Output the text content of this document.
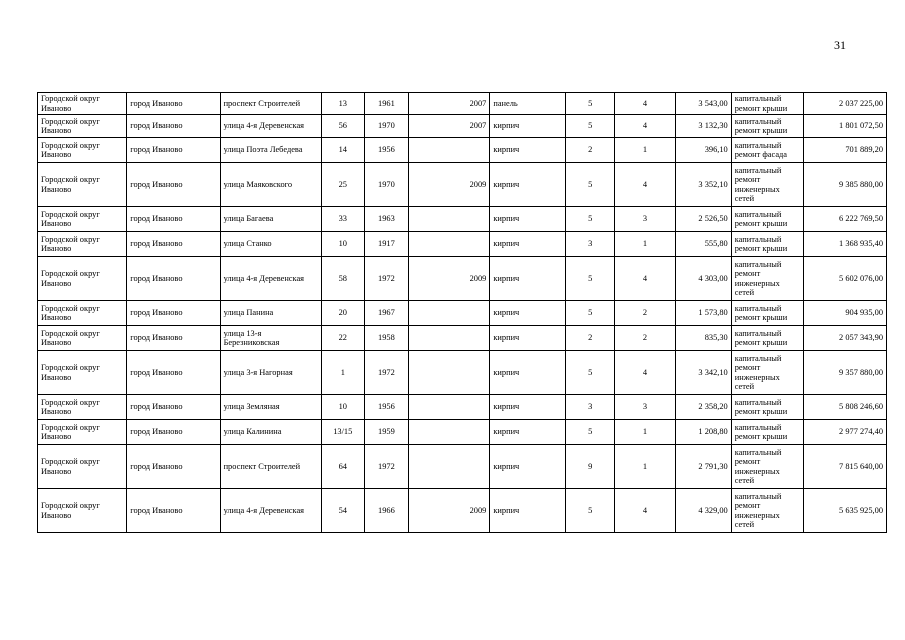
31
Городской округ Иваново	город Иваново	проспект Строителей	13	1961	2007	панель	5	4	3 543,00	капитальный ремонт крыши	2 037 225,00
Городской округ Иваново	город Иваново	улица 4-я Деревенская	56	1970	2007	кирпич	5	4	3 132,30	капитальный ремонт крыши	1 801 072,50
Городской округ Иваново	город Иваново	улица Поэта Лебедева	14	1956		кирпич	2	1	396,10	капитальный ремонт фасада	701 889,20
Городской округ Иваново	город Иваново	улица Маяковского	25	1970	2009	кирпич	5	4	3 352,10	капитальный ремонт инженерных сетей	9 385 880,00
Городской округ Иваново	город Иваново	улица Багаева	33	1963		кирпич	5	3	2 526,50	капитальный ремонт крыши	6 222 769,50
Городской округ Иваново	город Иваново	улица Станко	10	1917		кирпич	3	1	555,80	капитальный ремонт крыши	1 368 935,40
Городской округ Иваново	город Иваново	улица 4-я Деревенская	58	1972	2009	кирпич	5	4	4 303,00	капитальный ремонт инженерных сетей	5 602 076,00
Городской округ Иваново	город Иваново	улица Панина	20	1967		кирпич	5	2	1 573,80	капитальный ремонт крыши	904 935,00
Городской округ Иваново	город Иваново	улица 13-я Березниковская	22	1958		кирпич	2	2	835,30	капитальный ремонт крыши	2 057 343,90
Городской округ Иваново	город Иваново	улица 3-я Нагорная	1	1972		кирпич	5	4	3 342,10	капитальный ремонт инженерных сетей	9 357 880,00
Городской округ Иваново	город Иваново	улица Земляная	10	1956		кирпич	3	3	2 358,20	капитальный ремонт крыши	5 808 246,60
Городской округ Иваново	город Иваново	улица Калинина	13/15	1959		кирпич	5	1	1 208,80	капитальный ремонт крыши	2 977 274,40
Городской округ Иваново	город Иваново	проспект Строителей	64	1972		кирпич	9	1	2 791,30	капитальный ремонт инженерных сетей	7 815 640,00
Городской округ Иваново	город Иваново	улица 4-я Деревенская	54	1966	2009	кирпич	5	4	4 329,00	капитальный ремонт инженерных сетей	5 635 925,00
